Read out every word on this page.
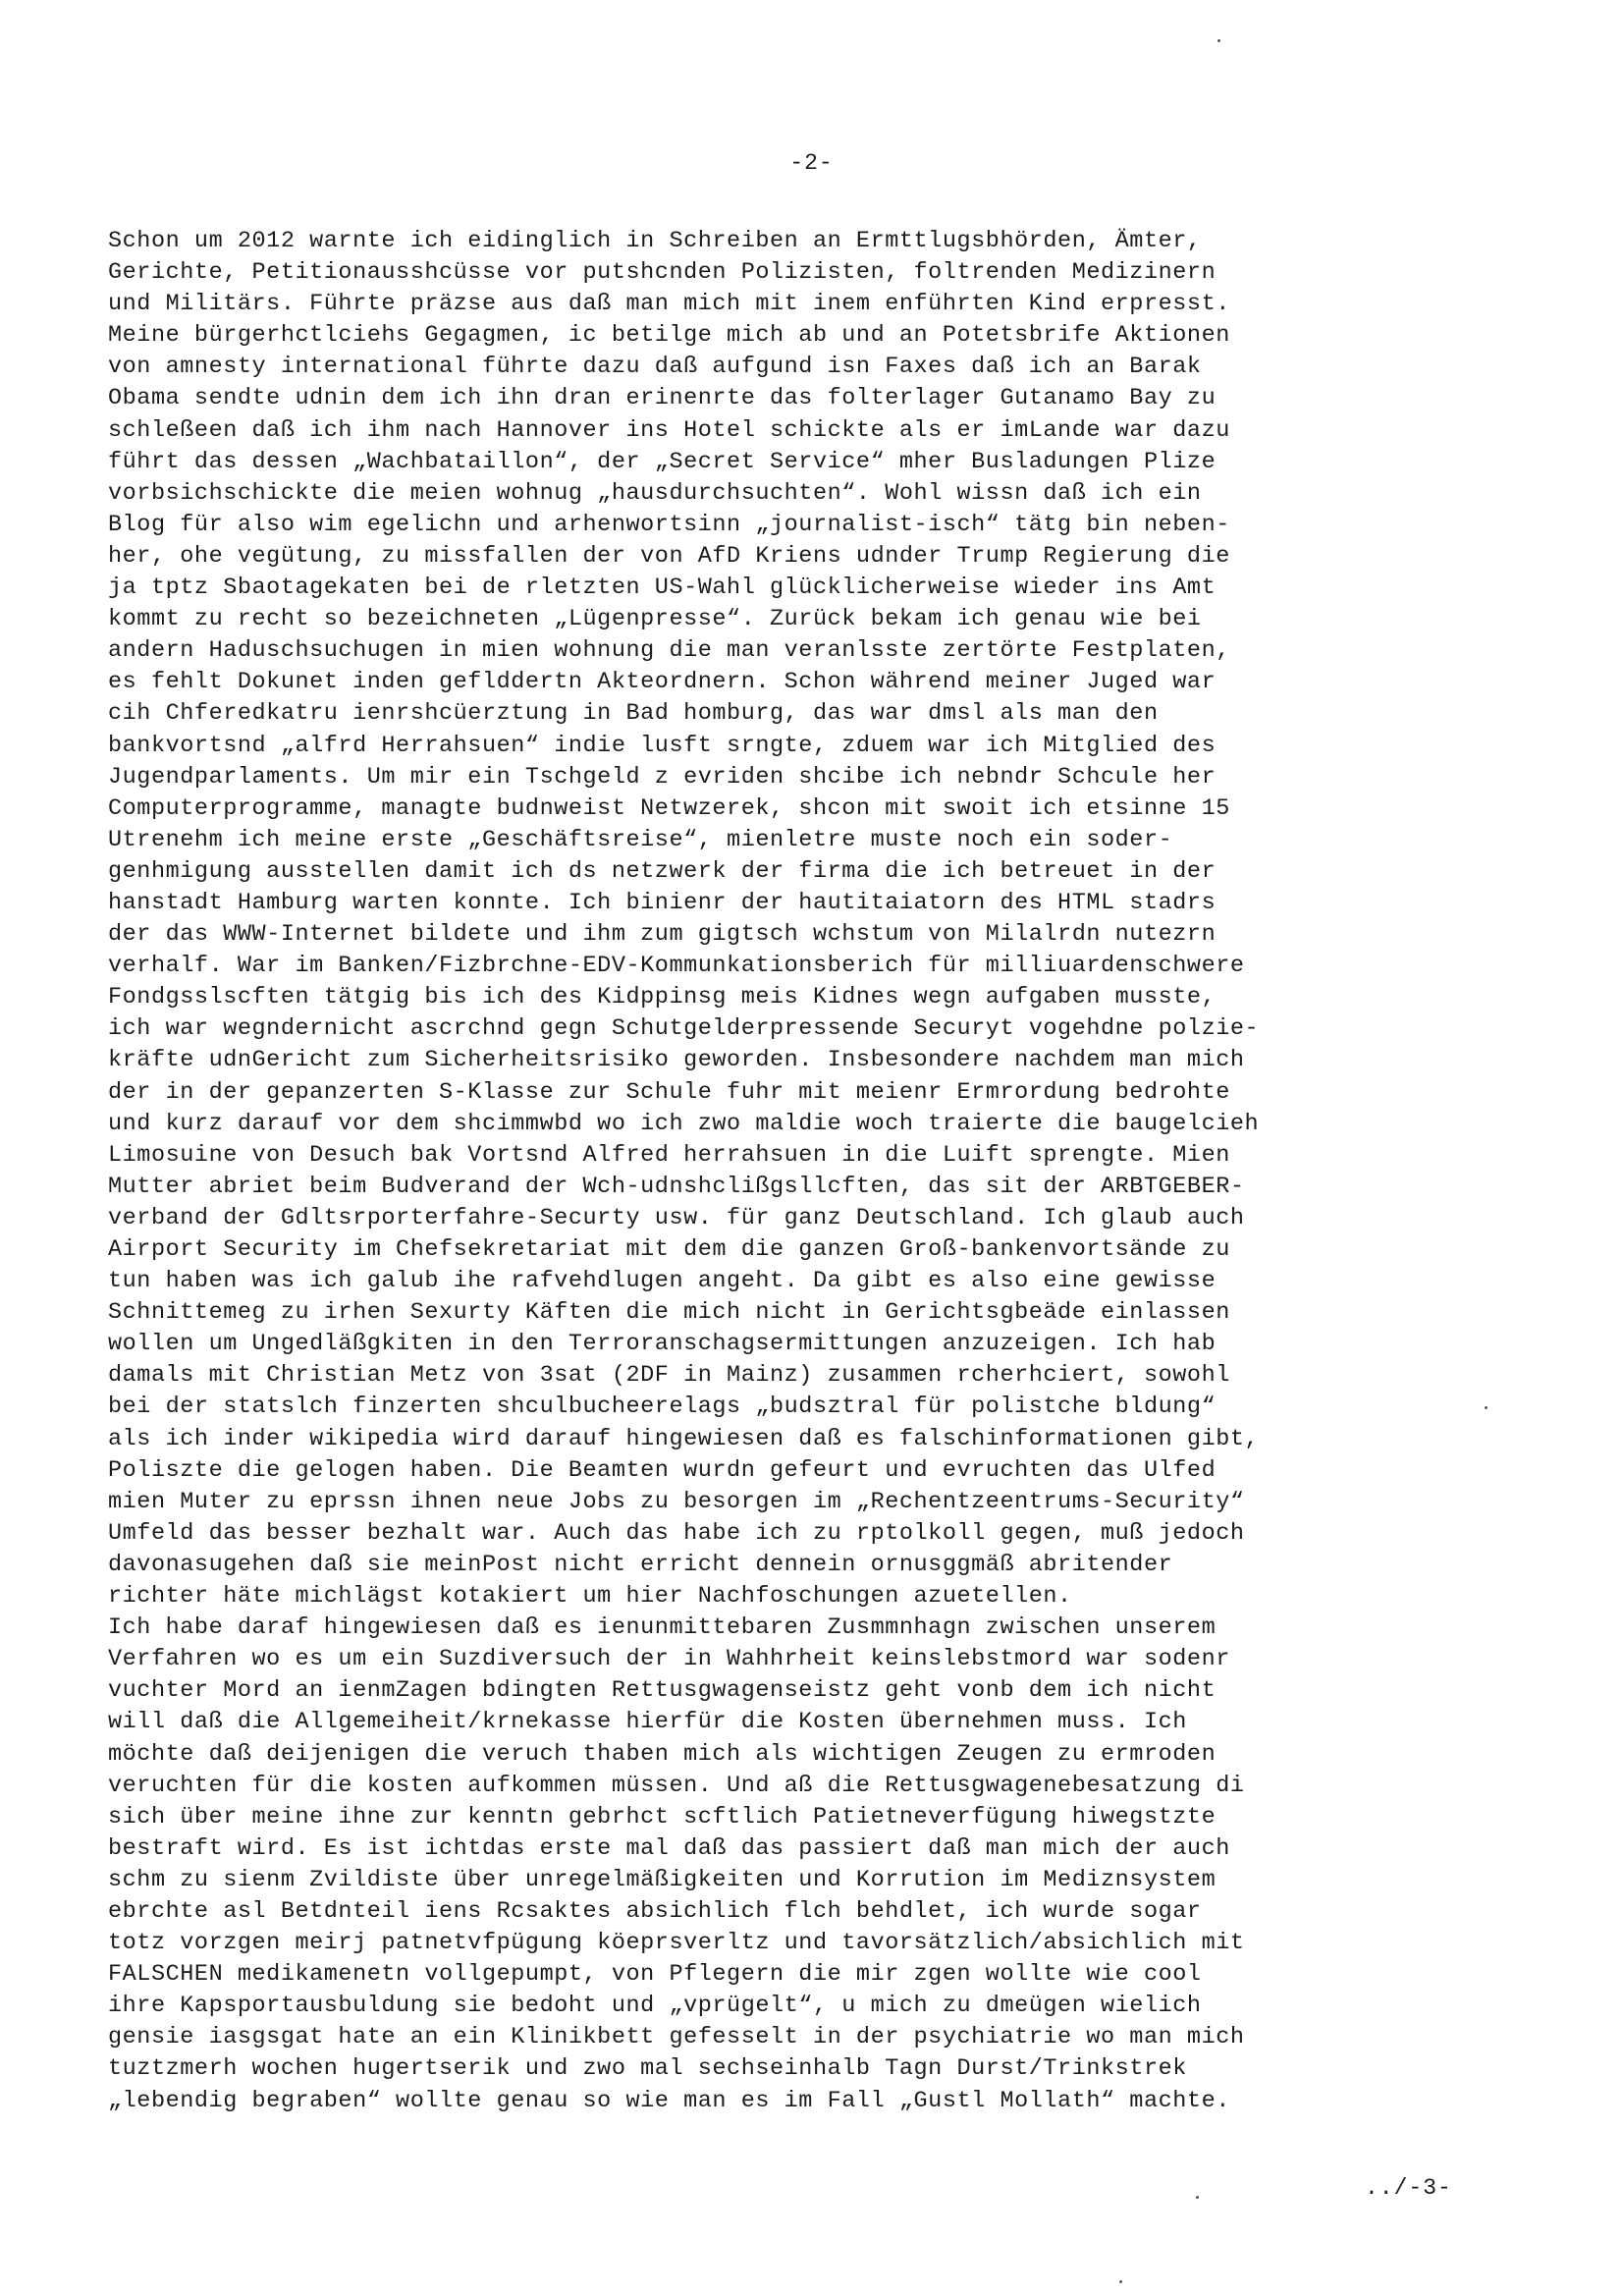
-2-
Schon um 2012 warnte ich eidinglich in Schreiben an Ermttlugsbhörden, Ämter,
Gerichte, Petitionausshcüsse vor putshcnden Polizisten, foltrenden Medizinern
und Militärs. Führte präzse aus daß man mich mit inem enführten Kind erpresst.
Meine bürgerhctlciehs Gegagmen, ic betilge mich ab und an Potetsbrife Aktionen
von amnesty international führte dazu daß aufgund isn Faxes daß ich an Barak
Obama sendte udnin dem ich ihn dran erinenrte das folterlager Gutanamo Bay zu
schleßeen daß ich ihm nach Hannover ins Hotel schickte als er imLande war dazu
führt das dessen „Wachbataillon“, der „Secret Service“ mher Busladungen Plize
vorbsichschickte die meien wohnug „hausdurchsuchten“. Wohl wissn daß ich ein
Blog für also wim egelichn und arhenwortsinn „journalist-isch“ tätg bin neben-
her, ohe vegütung, zu missfallen der von AfD Kriens udnder Trump Regierung die
ja tptz Sbaotagekaten bei de rletzten US-Wahl glücklicherweise wieder ins Amt
kommt zu recht so bezeichneten „Lügenpresse“. Zurück bekam ich genau wie bei
andern Haduschsuchugen in mien wohnung die man veranlsste zertörte Festplaten,
es fehlt Dokunet inden geflddertn Akteordnern. Schon während meiner Juged war
cih Chferedkatru ienrshcüerztung in Bad homburg, das war dmsl als man den
bankvortsnd „alfrd Herrahsuen“ indie lusft srngte, zduem war ich Mitglied des
Jugendparlaments. Um mir ein Tschgeld z evriden shcibe ich nebndr Schcule her
Computerprogramme, managte budnweist Netwzerek, shcon mit swoit ich etsinne 15
Utrenehm ich meine erste „Geschäftsreise“, mienletre muste noch ein soder-
genhmigung ausstellen damit ich ds netzwerk der firma die ich betreuet in der
hanstadt Hamburg warten konnte. Ich binienr der hautitaiatorn des HTML stadrs
der das WWW-Internet bildete und ihm zum gigtsch wchstum von Milalrdn nutezrn
verhalf. War im Banken/Fizbrchne-EDV-Kommunkationsberich für milliuardenschwere
Fondgsslscften tätgig bis ich des Kidppinsg meis Kidnes wegn aufgaben musste,
ich war wegndernicht ascrchnd gegn Schutgelderpressende Securyt vogehdne polzie-
kräfte udnGericht zum Sicherheitsrisiko geworden. Insbesondere nachdem man mich
der in der gepanzerten S-Klasse zur Schule fuhr mit meienr Ermrordung bedrohte
und kurz darauf vor dem shcimmwbd wo ich zwo maldie woch traierte die baugelcieh
Limosuine von Desuch bak Vortsnd Alfred herrahsuen in die Luift sprengte. Mien
Mutter abriet beim Budverand der Wch-udnshclißgsllcften, das sit der ARBTGEBER-
verband der Gdltsrporterfahre-Securty usw. für ganz Deutschland. Ich glaub auch
Airport Security im Chefsekretariat mit dem die ganzen Groß-bankenvortsände zu
tun haben was ich galub ihe rafvehdlugen angeht. Da gibt es also eine gewisse
Schnittemeg zu irhen Sexurty Käften die mich nicht in Gerichtsgbeäde einlassen
wollen um Ungedläßgkiten in den Terroranschagsermittungen anzuzeigen. Ich hab
damals mit Christian Metz von 3sat (2DF in Mainz) zusammen rcherhciert, sowohl
bei der statslch finzerten shculbucheerelags „budsztral für polistche bldung“
als ich inder wikipedia wird darauf hingewiesen daß es falschinformationen gibt,
Poliszte die gelogen haben. Die Beamten wurdn gefeurt und evruchten das Ulfed
mien Muter zu eprssn ihnen neue Jobs zu besorgen im „Rechentzeentrums-Security“
Umfeld das besser bezhalt war. Auch das habe ich zu rptolkoll gegen, muß jedoch
davonasugehen daß sie meinPost nicht erricht dennein ornusggmäß abritender
richter häte michlägst kotakiert um hier Nachfoschungen azuetellen.
Ich habe daraf hingewiesen daß es ienunmittebaren Zusmmnhagn zwischen unserem
Verfahren wo es um ein Suzdiversuch der in Wahhrheit keinslebstmord war sodenr
vuchter Mord an ienmZagen bdingten Rettusgwagenseistz geht vonb dem ich nicht
will daß die Allgemeiheit/krnekasse hierfür die Kosten übernehmen muss. Ich
möchte daß deijenigen die veruch thaben mich als wichtigen Zeugen zu ermroden
veruchten für die kosten aufkommen müssen. Und aß die Rettusgwagenebesatzung di
sich über meine ihne zur kenntn gebrhct scftlich Patietneverfügung hiwegstzte
bestraft wird. Es ist ichtdas erste mal daß das passiert daß man mich der auch
schm zu sienm Zvildiste über unregelmäßigkeiten und Korrution im Mediznsystem
ebrchte asl Betdnteil iens Rcsaktes absichlich flch behdlet, ich wurde sogar
totz vorzgen meirj patnetvfpügung köeprsverltz und tavorsätzlich/absichlich mit
FALSCHEN medikamenetn vollgepumpt, von Pflegern die mir zgen wollte wie cool
ihre Kapsportausbuldung sie bedoht und „vprügelt“, u mich zu dmeügen wielich
gensie iasgsgat hate an ein Klinikbett gefesselt in der psychiatrie wo man mich
tuztzmerh wochen hugertserik und zwo mal sechseinhalb Tagn Durst/Trinkstrek
„lebendig begraben“ wollte genau so wie man es im Fall „Gustl Mollath“ machte.
../-3-
